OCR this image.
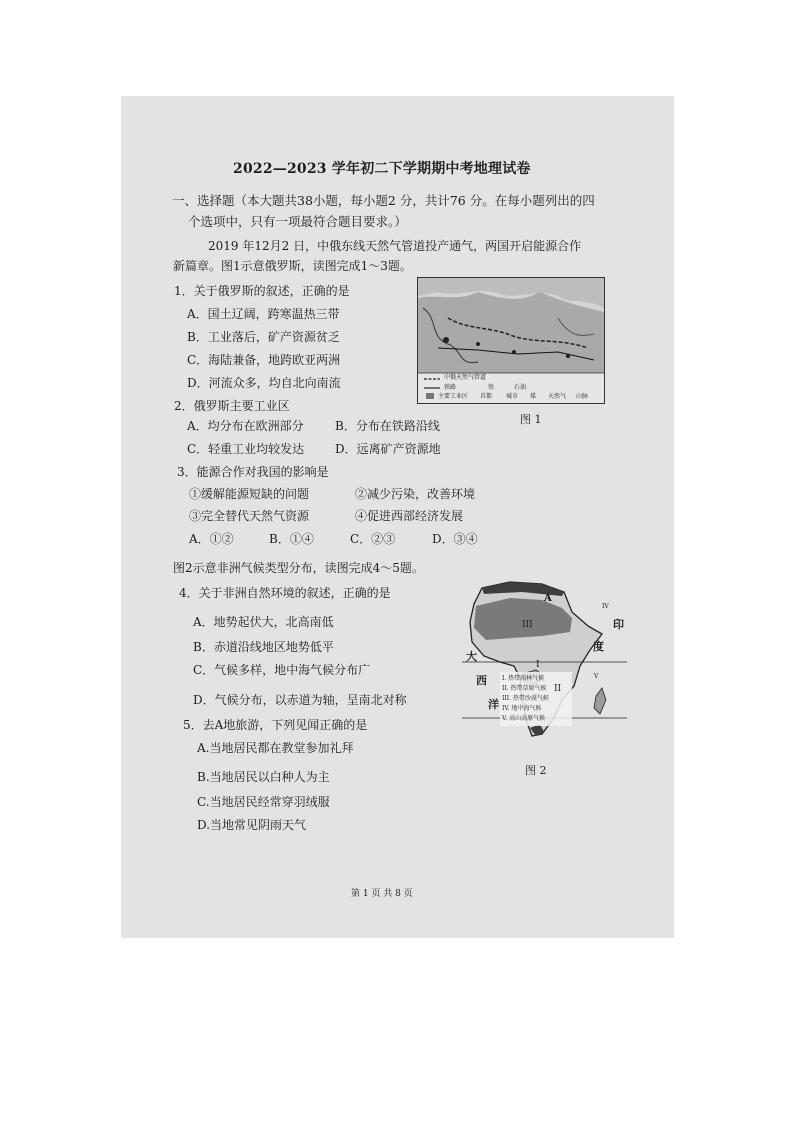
2022—2023 学年初二下学期期中考地理试卷
一、选择题（本大题共38小题，每小题2 分，共计76 分。在每小题列出的四
个选项中，只有一项最符合题目要求。）
2019 年12月2 日，中俄东线天然气管道投产通气，两国开启能源合作
新篇章。图1示意俄罗斯，读图完成1～3题。
1．关于俄罗斯的叙述，正确的是
A．国土辽阔，跨寒温热三带
B．工业落后，矿产资源贫乏
C．海陆兼备，地跨欧亚两洲
D．河流众多，均自北向南流	中俄天然气管道
铁路
主要工业区
铁
首都 城市
石油
煤 天然气 山脉
图 1
2．俄罗斯主要工业区
A．均分布在欧洲部分	B．分布在铁路沿线
C．轻重工业均较发达	D．远离矿产资源地
3．能源合作对我国的影响是
①缓解能源短缺的问题	②减少污染，改善环境
③完全替代天然气资源	④促进西部经济发展
A．①②	B．①④	C．②③	D．③④
图2示意非洲气候类型分布，读图完成4～5题。
4．关于非洲自然环境的叙述，正确的是
A．地势起伏大，北高南低
B．赤道沿线地区地势低平
C．气候多样，地中海气候分布广
D．气候分布，以赤道为轴，呈南北对称
5．去A地旅游，下列见闻正确的是
A.当地居民都在教堂参加礼拜
B.当地居民以白种人为主
C.当地居民经常穿羽绒服
D.当地常见阴雨天气
A
III
I
II
IV
V
I. 热带雨林气候
II. 热带草原气候
III. 热带沙漠气候
IV. 地中海气候
V. 高山高原气候
印
度
大
西
洋
图 2
第 1 页 共 8 页
